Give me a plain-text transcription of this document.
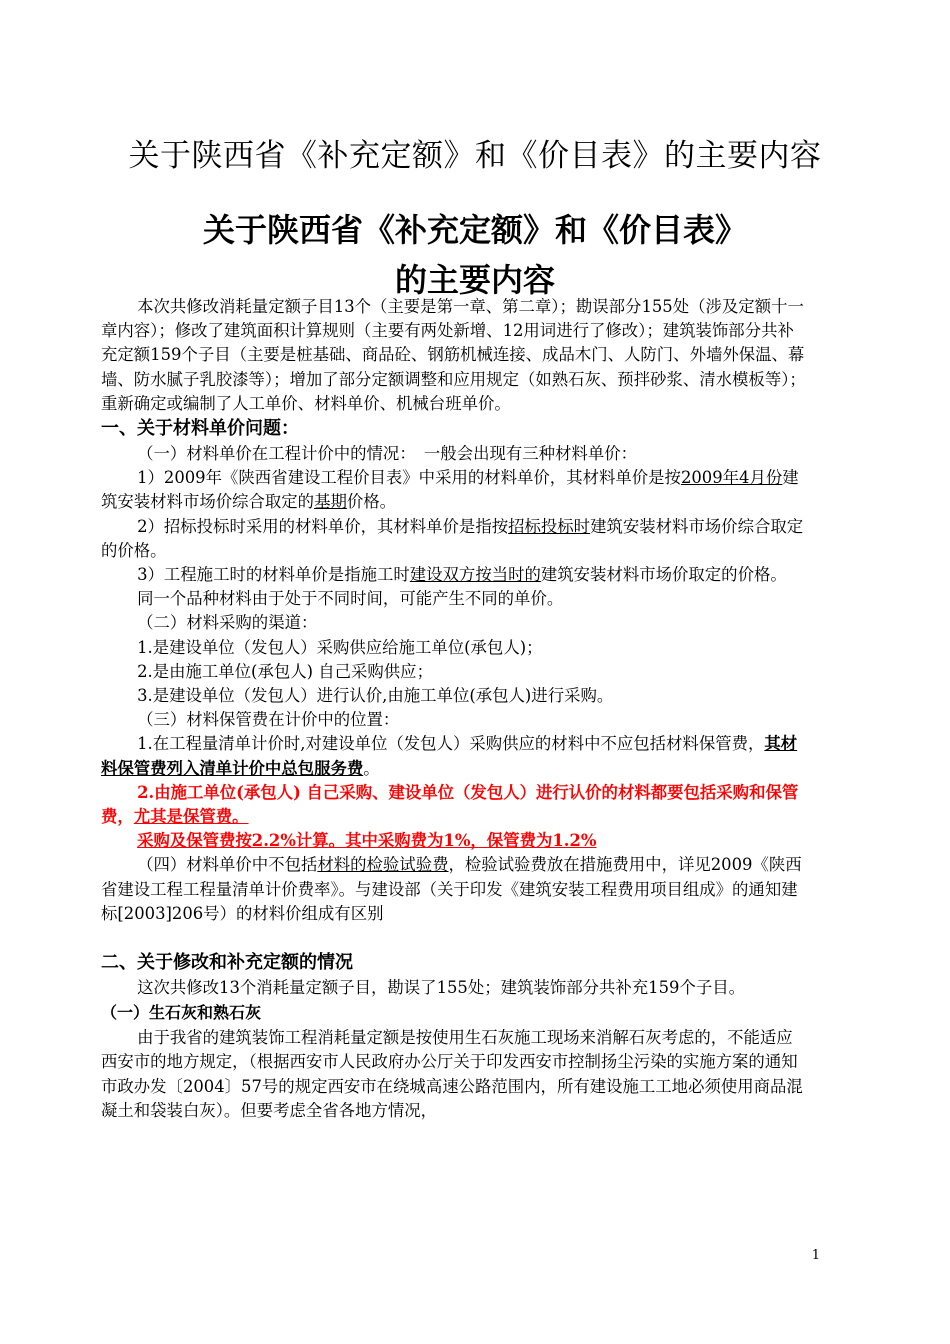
关于陕西省《补充定额》和《价目表》的主要内容
关于陕西省《补充定额》和《价目表》
的主要内容

本次共修改消耗量定额子目13个（主要是第一章、第二章）；勘误部分155处（涉及定额十一章内容）；修改了建筑面积计算规则（主要有两处新增、12用词进行了修改）；建筑装饰部分共补充定额159个子目（主要是桩基础、商品砼、钢筋机械连接、成品木门、人防门、外墙外保温、幕墙、防水腻子乳胶漆等）；增加了部分定额调整和应用规定（如熟石灰、预拌砂浆、清水模板等）；重新确定或编制了人工单价、材料单价、机械台班单价。

一、关于材料单价问题：

（一）材料单价在工程计价中的情况：　一般会出现有三种材料单价：

1）2009年《陕西省建设工程价目表》中采用的材料单价，其材料单价是按2009年4月份建筑安装材料市场价综合取定的基期价格。

2）招标投标时采用的材料单价，其材料单价是指按招标投标时建筑安装材料市场价综合取定的价格。

3）工程施工时的材料单价是指施工时建设双方按当时的建筑安装材料市场价取定的价格。

同一个品种材料由于处于不同时间，可能产生不同的单价。

（二）材料采购的渠道：

1.是建设单位（发包人）采购供应给施工单位(承包人)；

2.是由施工单位(承包人) 自己采购供应；

3.是建设单位（发包人）进行认价,由施工单位(承包人)进行采购。

（三）材料保管费在计价中的位置：

1.在工程量清单计价时,对建设单位（发包人）采购供应的材料中不应包括材料保管费，其材料保管费列入清单计价中总包服务费。

2.由施工单位(承包人) 自己采购、建设单位（发包人）进行认价的材料都要包括采购和保管费，尤其是保管费。

采购及保管费按2.2%计算。其中采购费为1%，保管费为1.2%

（四）材料单价中不包括材料的检验试验费，检验试验费放在措施费用中，详见2009《陕西省建设工程工程量清单计价费率》。与建设部（关于印发《建筑安装工程费用项目组成》的通知建标[2003]206号）的材料价组成有区别

二、关于修改和补充定额的情况

这次共修改13个消耗量定额子目，勘误了155处；建筑装饰部分共补充159个子目。

（一）生石灰和熟石灰

由于我省的建筑装饰工程消耗量定额是按使用生石灰施工现场来消解石灰考虑的，不能适应西安市的地方规定，（根据西安市人民政府办公厅关于印发西安市控制扬尘污染的实施方案的通知市政办发〔2004〕57号的规定西安市在绕城高速公路范围内，所有建设施工工地必须使用商品混凝土和袋装白灰）。但要考虑全省各地方情况，

1
